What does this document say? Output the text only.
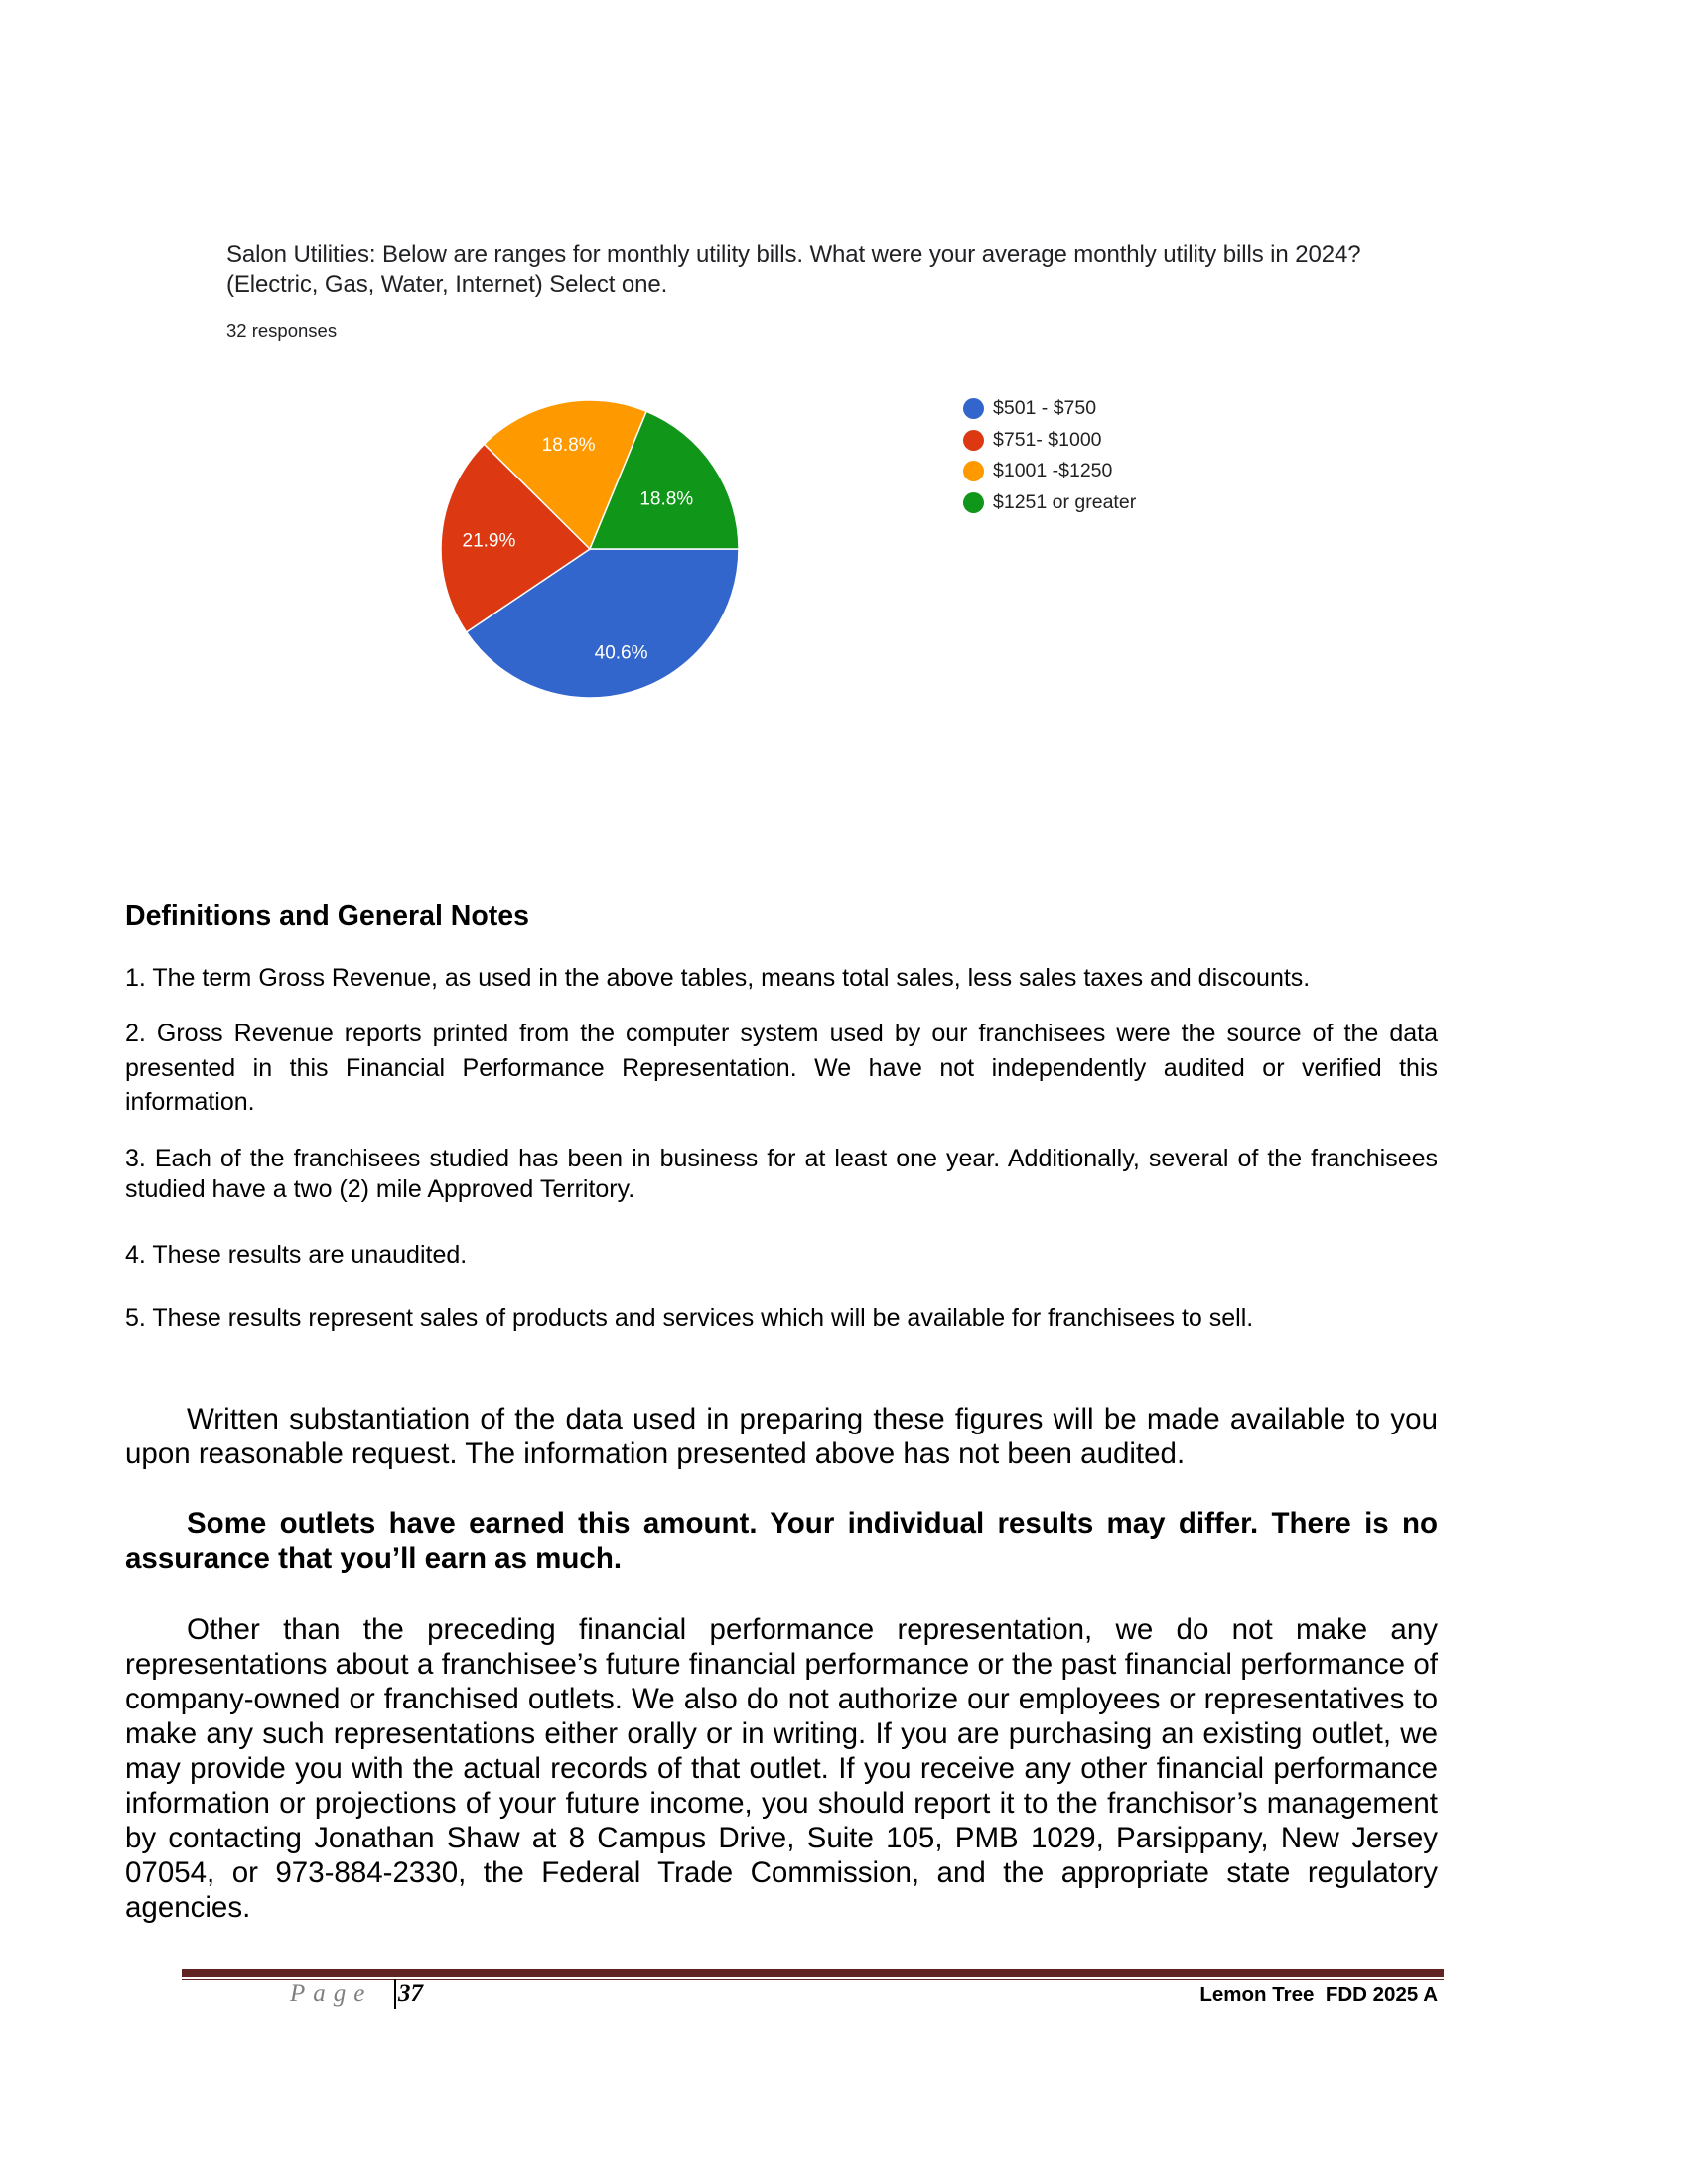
Salon Utilities: Below are ranges for monthly utility bills. What were your average monthly utility bills in 2024? (Electric, Gas, Water, Internet) Select one.
32 responses
40.6%
21.9%
18.8%
18.8%
$501 - $750
$751- $1000
$1001 -$1250
$1251 or greater
Definitions and General Notes
1. The term Gross Revenue, as used in the above tables, means total sales, less sales taxes and discounts.
2. Gross Revenue reports printed from the computer system used by our franchisees were the source of the data presented in this Financial Performance Representation. We have not independently audited or verified this information.
3. Each of the franchisees studied has been in business for at least one year. Additionally, several of the franchisees studied have a two (2) mile Approved Territory.
4. These results are unaudited.
5. These results represent sales of products and services which will be available for franchisees to sell.
Written substantiation of the data used in preparing these figures will be made available to you upon reasonable request. The information presented above has not been audited.
Some outlets have earned this amount. Your individual results may differ. There is no assurance that you’ll earn as much.
Other than the preceding financial performance representation, we do not make any representations about a franchisee’s future financial performance or the past financial performance of company-owned or franchised outlets. We also do not authorize our employees or representatives to make any such representations either orally or in writing. If you are purchasing an existing outlet, we may provide you with the actual records of that outlet. If you receive any other financial performance information or projections of your future income, you should report it to the franchisor’s management by contacting Jonathan Shaw at 8 Campus Drive, Suite 105, PMB 1029, Parsippany, New Jersey 07054, or 973-884-2330, the Federal Trade Commission, and the appropriate state regulatory agencies.
Page 37	Lemon Tree  FDD 2025 A
